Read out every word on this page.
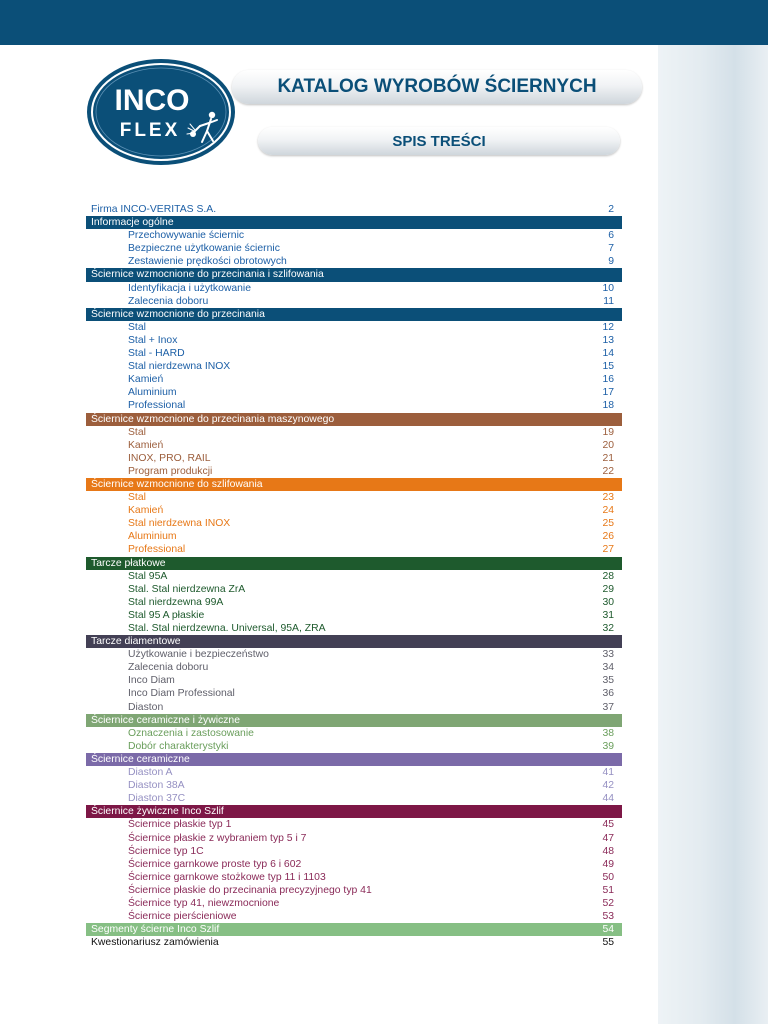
INCO
FLEX
KATALOG WYROBÓW ŚCIERNYCH
SPIS TREŚCI
Firma INCO-VERITAS S.A.	2
Informacje ogólne
Przechowywanie ściernic	6
Bezpieczne użytkowanie ściernic	7
Zestawienie prędkości obrotowych	9
Ściernice wzmocnione do przecinania i szlifowania
Identyfikacja i użytkowanie	10
Zalecenia doboru	11
Ściernice wzmocnione do przecinania
Stal	12
Stal + Inox	13
Stal - HARD	14
Stal nierdzewna INOX	15
Kamień	16
Aluminium	17
Professional	18
Ściernice wzmocnione do przecinania maszynowego
Stal	19
Kamień	20
INOX, PRO, RAIL	21
Program produkcji	22
Ściernice wzmocnione do szlifowania
Stal	23
Kamień	24
Stal nierdzewna INOX	25
Aluminium	26
Professional	27
Tarcze płatkowe
Stal 95A	28
Stal. Stal nierdzewna ZrA	29
Stal nierdzewna 99A	30
Stal 95 A płaskie	31
Stal. Stal nierdzewna. Universal, 95A, ZRA	32
Tarcze diamentowe
Użytkowanie i bezpieczeństwo	33
Zalecenia doboru	34
Inco Diam	35
Inco Diam Professional	36
Diaston	37
Ściernice ceramiczne i żywiczne
Oznaczenia i zastosowanie	38
Dobór charakterystyki	39
Ściernice ceramiczne
Diaston A	41
Diaston 38A	42
Diaston 37C	44
Ściernice żywiczne Inco Szlif
Ściernice płaskie typ 1	45
Ściernice płaskie z wybraniem typ 5 i 7	47
Ściernice typ 1C	48
Ściernice garnkowe proste typ 6 i 602	49
Ściernice garnkowe stożkowe typ 11 i 1103	50
Ściernice płaskie do przecinania precyzyjnego typ 41	51
Ściernice typ 41, niewzmocnione	52
Ściernice pierścieniowe	53
Segmenty ścierne Inco Szlif	54
Kwestionariusz zamówienia	55
